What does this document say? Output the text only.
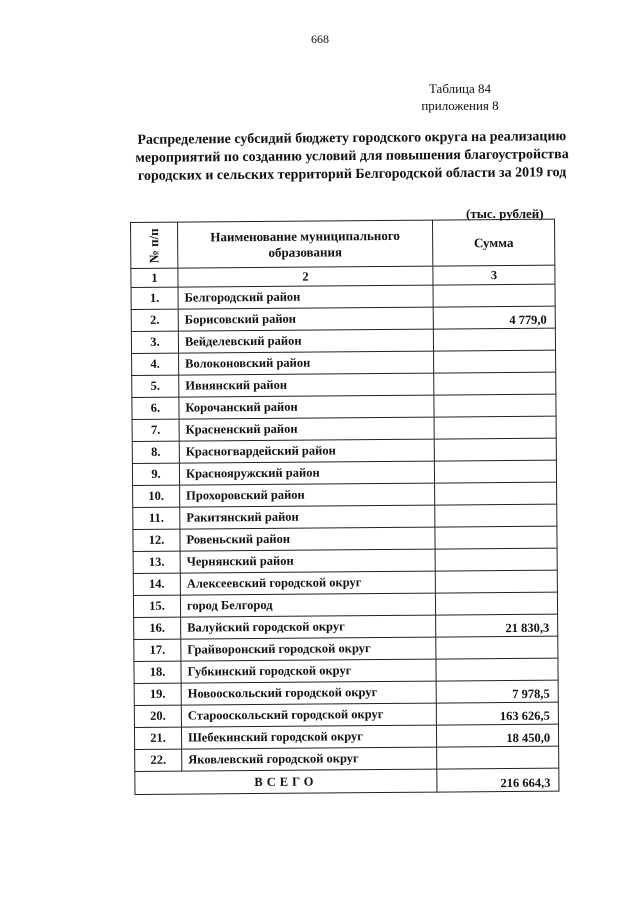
668
Таблица 84
приложения 8
Распределение субсидий бюджету городского округа на реализацию
мероприятий по созданию условий для повышения благоустройства
городских и сельских территорий Белгородской области за 2019 год
(тыс. рублей)
№ п/п	Наименование муниципального образования	Сумма
1	2	3
1.	Белгородский район	
2.	Борисовский район	4 779,0
3.	Вейделевский район	
4.	Волоконовский район	
5.	Ивнянский район	
6.	Корочанский район	
7.	Красненский район	
8.	Красногвардейский район	
9.	Краснояружский район	
10.	Прохоровский район	
11.	Ракитянский район	
12.	Ровеньский район	
13.	Чернянский район	
14.	Алексеевский городской округ	
15.	город Белгород	
16.	Валуйский городской округ	21 830,3
17.	Грайворонский городской округ	
18.	Губкинский городской округ	
19.	Новооскольский городской округ	7 978,5
20.	Старооскольский городской округ	163 626,5
21.	Шебекинский городской округ	18 450,0
22.	Яковлевский городской округ	
ВСЕГО		216 664,3
